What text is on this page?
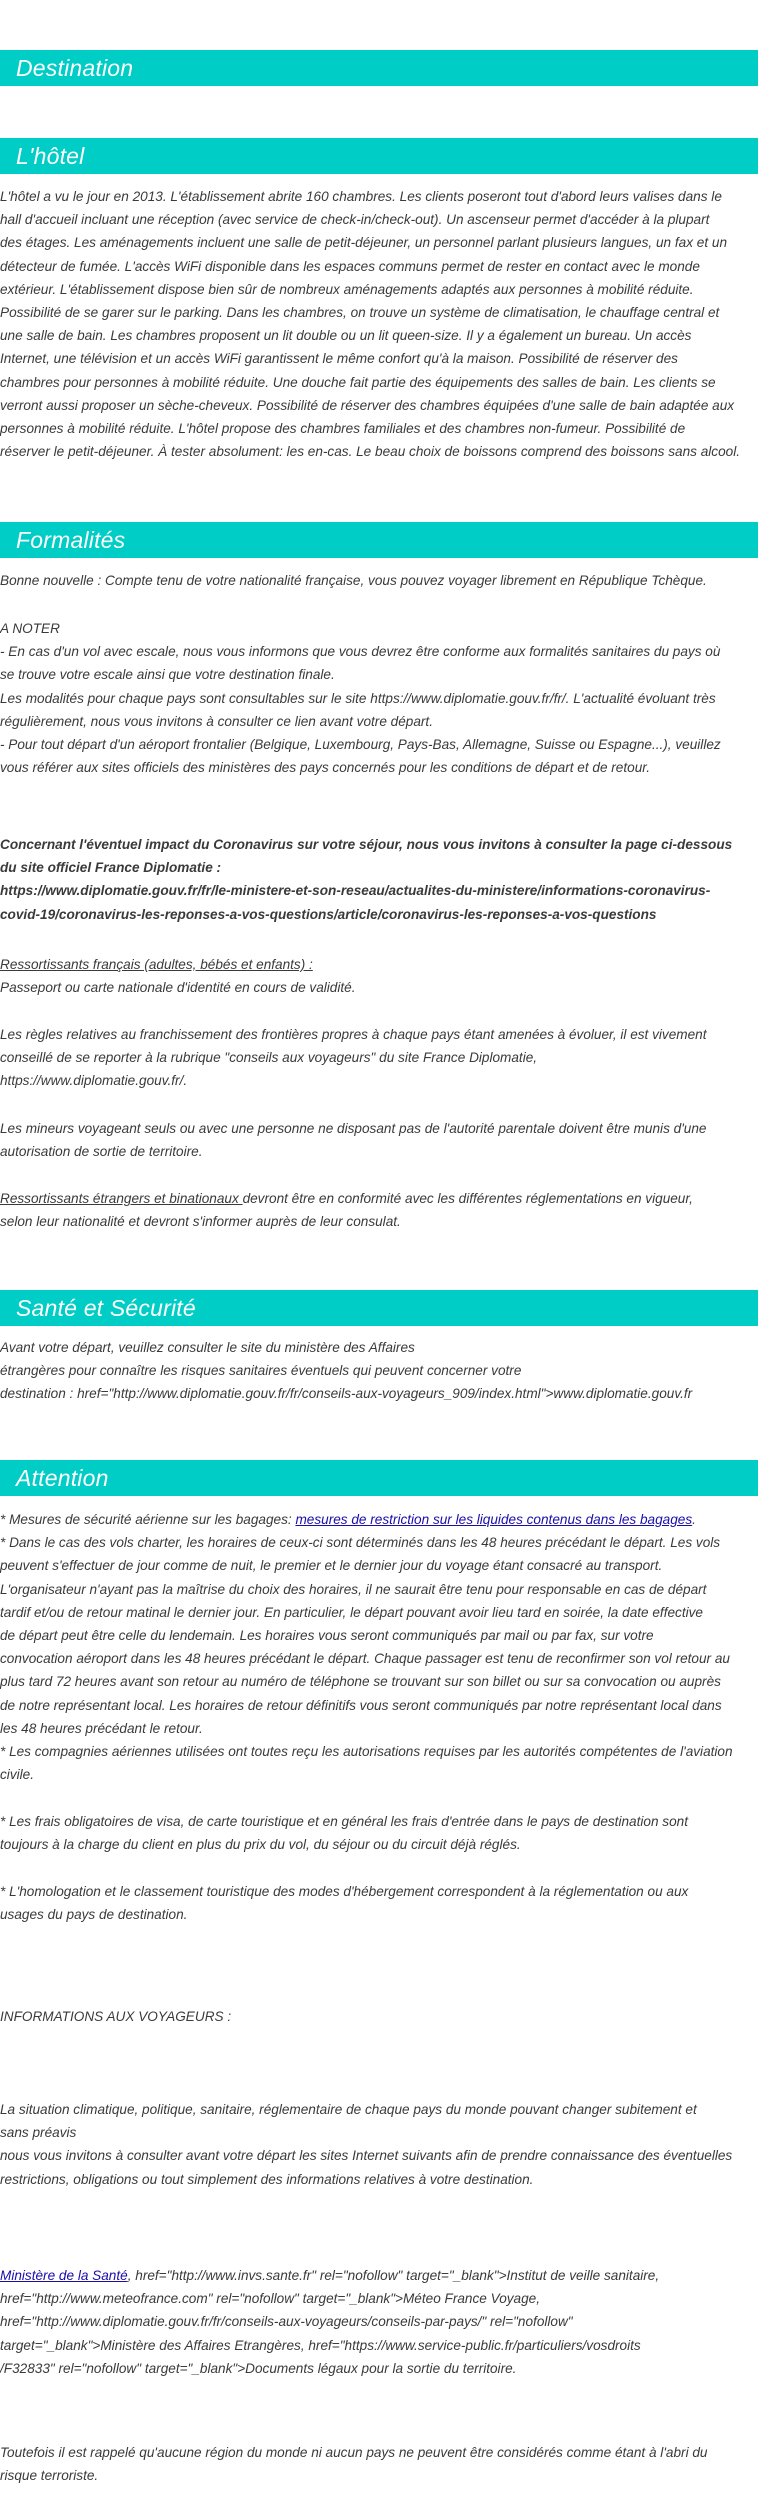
Destination
L'hôtel
L'hôtel a vu le jour en 2013. L'établissement abrite 160 chambres. Les clients poseront tout d'abord leurs valises dans le
hall d'accueil incluant une réception (avec service de check-in/check-out). Un ascenseur permet d'accéder à la plupart
des étages. Les aménagements incluent une salle de petit-déjeuner, un personnel parlant plusieurs langues, un fax et un
détecteur de fumée. L'accès WiFi disponible dans les espaces communs permet de rester en contact avec le monde
extérieur. L'établissement dispose bien sûr de nombreux aménagements adaptés aux personnes à mobilité réduite.
Possibilité de se garer sur le parking. Dans les chambres, on trouve un système de climatisation, le chauffage central et
une salle de bain. Les chambres proposent un lit double ou un lit queen-size. Il y a également un bureau. Un accès
Internet, une télévision et un accès WiFi garantissent le même confort qu'à la maison. Possibilité de réserver des
chambres pour personnes à mobilité réduite. Une douche fait partie des équipements des salles de bain. Les clients se
verront aussi proposer un sèche-cheveux. Possibilité de réserver des chambres équipées d'une salle de bain adaptée aux
personnes à mobilité réduite. L'hôtel propose des chambres familiales et des chambres non-fumeur. Possibilité de
réserver le petit-déjeuner. À tester absolument: les en-cas. Le beau choix de boissons comprend des boissons sans alcool.
Formalités
Bonne nouvelle : Compte tenu de votre nationalité française, vous pouvez voyager librement en République Tchèque.
A NOTER
- En cas d'un vol avec escale, nous vous informons que vous devrez être conforme aux formalités sanitaires du pays où
se trouve votre escale ainsi que votre destination finale.
Les modalités pour chaque pays sont consultables sur le site https://www.diplomatie.gouv.fr/fr/. L'actualité évoluant très
régulièrement, nous vous invitons à consulter ce lien avant votre départ.
- Pour tout départ d'un aéroport frontalier (Belgique, Luxembourg, Pays-Bas, Allemagne, Suisse ou Espagne...), veuillez
vous référer aux sites officiels des ministères des pays concernés pour les conditions de départ et de retour.
Concernant l'éventuel impact du Coronavirus sur votre séjour, nous vous invitons à consulter la page ci-dessous
du site officiel France Diplomatie :
https://www.diplomatie.gouv.fr/fr/le-ministere-et-son-reseau/actualites-du-ministere/informations-coronavirus-
covid-19/coronavirus-les-reponses-a-vos-questions/article/coronavirus-les-reponses-a-vos-questions
Ressortissants français (adultes, bébés et enfants) :
Passeport ou carte nationale d'identité en cours de validité.
Les règles relatives au franchissement des frontières propres à chaque pays étant amenées à évoluer, il est vivement
conseillé de se reporter à la rubrique "conseils aux voyageurs" du site France Diplomatie,
https://www.diplomatie.gouv.fr/.
Les mineurs voyageant seuls ou avec une personne ne disposant pas de l'autorité parentale doivent être munis d'une
autorisation de sortie de territoire.
Ressortissants étrangers et binationaux devront être en conformité avec les différentes réglementations en vigueur,
selon leur nationalité et devront s'informer auprès de leur consulat.
Santé et Sécurité
Avant votre départ, veuillez consulter le site du ministère des Affaires
étrangères pour connaître les risques sanitaires éventuels qui peuvent concerner votre
destination : href="http://www.diplomatie.gouv.fr/fr/conseils-aux-voyageurs_909/index.html">www.diplomatie.gouv.fr
Attention
* Mesures de sécurité aérienne sur les bagages: mesures de restriction sur les liquides contenus dans les bagages.
* Dans le cas des vols charter, les horaires de ceux-ci sont déterminés dans les 48 heures précédant le départ. Les vols
peuvent s'effectuer de jour comme de nuit, le premier et le dernier jour du voyage étant consacré au transport.
L'organisateur n'ayant pas la maîtrise du choix des horaires, il ne saurait être tenu pour responsable en cas de départ
tardif et/ou de retour matinal le dernier jour. En particulier, le départ pouvant avoir lieu tard en soirée, la date effective
de départ peut être celle du lendemain. Les horaires vous seront communiqués par mail ou par fax, sur votre
convocation aéroport dans les 48 heures précédant le départ. Chaque passager est tenu de reconfirmer son vol retour au
plus tard 72 heures avant son retour au numéro de téléphone se trouvant sur son billet ou sur sa convocation ou auprès
de notre représentant local. Les horaires de retour définitifs vous seront communiqués par notre représentant local dans
les 48 heures précédant le retour.
* Les compagnies aériennes utilisées ont toutes reçu les autorisations requises par les autorités compétentes de l'aviation
civile.
* Les frais obligatoires de visa, de carte touristique et en général les frais d'entrée dans le pays de destination sont
toujours à la charge du client en plus du prix du vol, du séjour ou du circuit déjà réglés.
* L'homologation et le classement touristique des modes d'hébergement correspondent à la réglementation ou aux
usages du pays de destination.
INFORMATIONS AUX VOYAGEURS :
La situation climatique, politique, sanitaire, réglementaire de chaque pays du monde pouvant changer subitement et
sans préavis
nous vous invitons à consulter avant votre départ les sites Internet suivants afin de prendre connaissance des éventuelles
restrictions, obligations ou tout simplement des informations relatives à votre destination.
Ministère de la Santé, href="http://www.invs.sante.fr" rel="nofollow" target="_blank">Institut de veille sanitaire,
href="http://www.meteofrance.com" rel="nofollow" target="_blank">Méteo France Voyage,
href="http://www.diplomatie.gouv.fr/fr/conseils-aux-voyageurs/conseils-par-pays/" rel="nofollow"
target="_blank">Ministère des Affaires Etrangères, href="https://www.service-public.fr/particuliers/vosdroits
/F32833" rel="nofollow" target="_blank">Documents légaux pour la sortie du territoire.
Toutefois il est rappelé qu'aucune région du monde ni aucun pays ne peuvent être considérés comme étant à l'abri du
risque terroriste.
